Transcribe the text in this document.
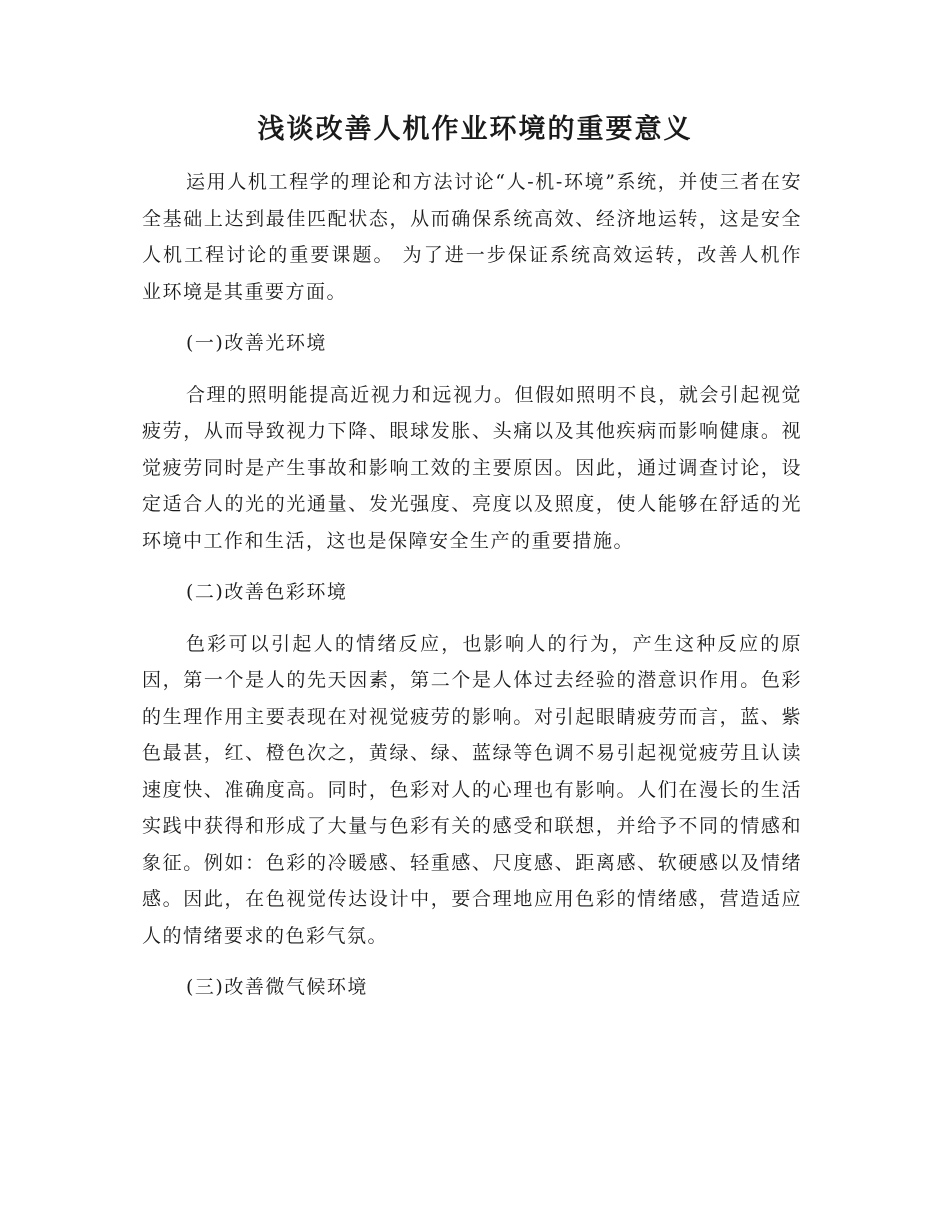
浅谈改善人机作业环境的重要意义

运用人机工程学的理论和方法讨论“人-机-环境”系统，并使三者在安全基础上达到最佳匹配状态，从而确保系统高效、经济地运转，这是安全人机工程讨论的重要课题。 为了进一步保证系统高效运转，改善人机作业环境是其重要方面。

(一)改善光环境

合理的照明能提高近视力和远视力。但假如照明不良，就会引起视觉疲劳，从而导致视力下降、眼球发胀、头痛以及其他疾病而影响健康。视觉疲劳同时是产生事故和影响工效的主要原因。因此，通过调查讨论，设定适合人的光的光通量、发光强度、亮度以及照度，使人能够在舒适的光环境中工作和生活，这也是保障安全生产的重要措施。

(二)改善色彩环境

色彩可以引起人的情绪反应，也影响人的行为，产生这种反应的原因，第一个是人的先天因素，第二个是人体过去经验的潜意识作用。色彩的生理作用主要表现在对视觉疲劳的影响。对引起眼睛疲劳而言，蓝、紫色最甚，红、橙色次之，黄绿、绿、蓝绿等色调不易引起视觉疲劳且认读速度快、准确度高。同时，色彩对人的心理也有影响。人们在漫长的生活实践中获得和形成了大量与色彩有关的感受和联想，并给予不同的情感和象征。例如：色彩的冷暖感、轻重感、尺度感、距离感、软硬感以及情绪感。因此，在色视觉传达设计中，要合理地应用色彩的情绪感，营造适应人的情绪要求的色彩气氛。

(三)改善微气候环境
